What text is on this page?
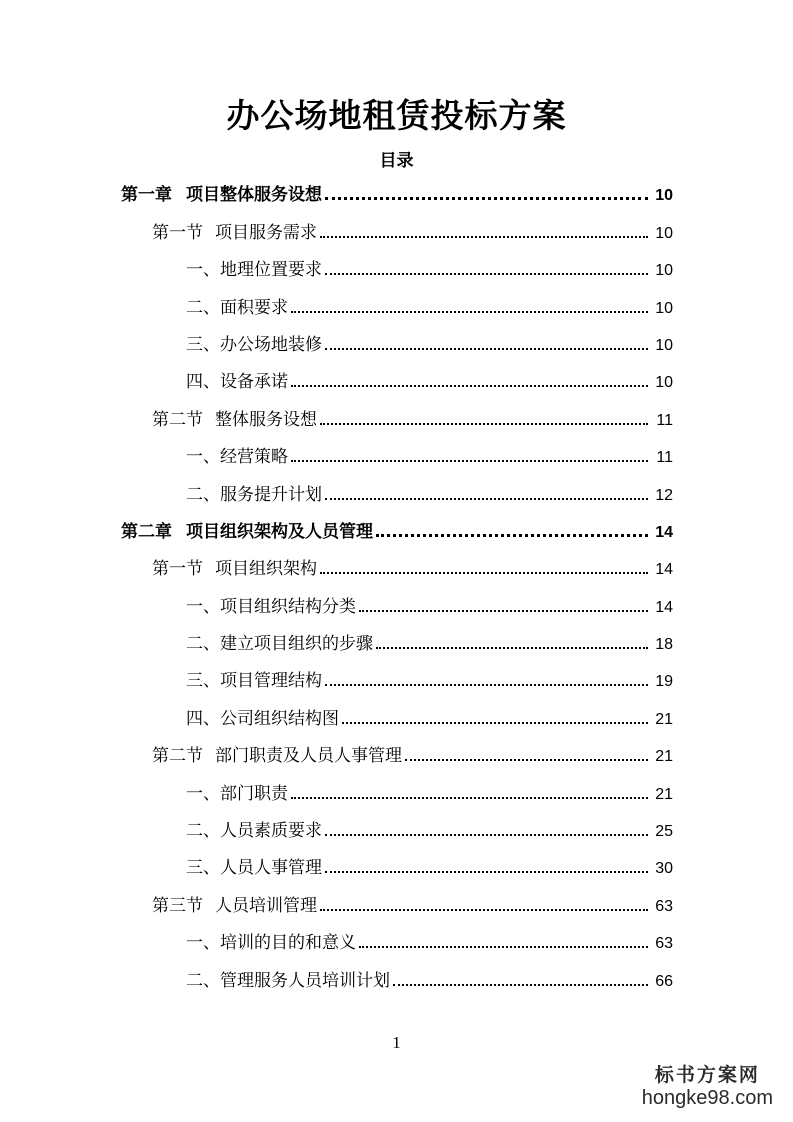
办公场地租赁投标方案
目录
第一章 项目整体服务设想	10
第一节 项目服务需求	10
一、地理位置要求	10
二、面积要求	10
三、办公场地装修	10
四、设备承诺	10
第二节 整体服务设想	11
一、经营策略	11
二、服务提升计划	12
第二章 项目组织架构及人员管理	14
第一节 项目组织架构	14
一、项目组织结构分类	14
二、建立项目组织的步骤	18
三、项目管理结构	19
四、公司组织结构图	21
第二节 部门职责及人员人事管理	21
一、部门职责	21
二、人员素质要求	25
三、人员人事管理	30
第三节 人员培训管理	63
一、培训的目的和意义	63
二、管理服务人员培训计划	66
1
标书方案网
hongke98.com
